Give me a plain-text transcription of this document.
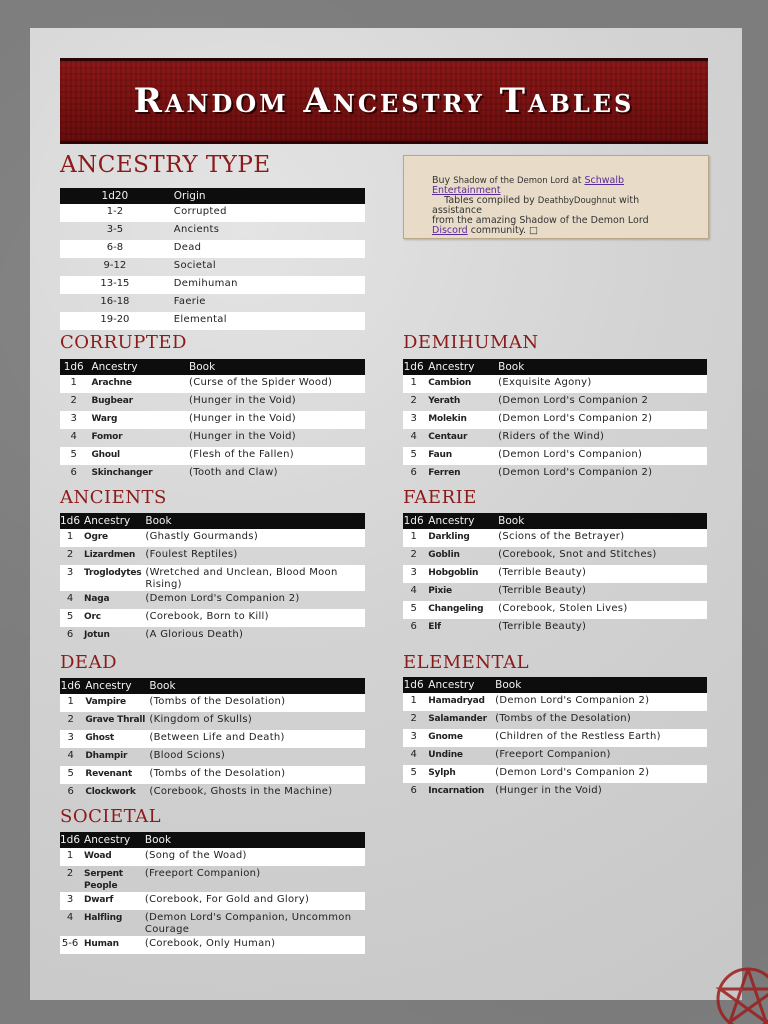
Random Ancestry Tables
ANCESTRY TYPE
1d20	Origin
1-2	Corrupted
3-5	Ancients
6-8	Dead
9-12	Societal
13-15	Demihuman
16-18	Faerie
19-20	Elemental
Buy Shadow of the Demon Lord at Schwalb Entertainment
Tables compiled by DeathbyDoughnut with assistance
from the amazing Shadow of the Demon Lord
Discord community. □
CORRUPTED
1d6	Ancestry	Book
1	Arachne	(Curse of the Spider Wood)
2	Bugbear	(Hunger in the Void)
3	Warg	(Hunger in the Void)
4	Fomor	(Hunger in the Void)
5	Ghoul	(Flesh of the Fallen)
6	Skinchanger	(Tooth and Claw)
DEMIHUMAN
1d6	Ancestry	Book
1	Cambion	(Exquisite Agony)
2	Yerath	(Demon Lord's Companion 2
3	Molekin	(Demon Lord's Companion 2)
4	Centaur	(Riders of the Wind)
5	Faun	(Demon Lord's Companion)
6	Ferren	(Demon Lord's Companion 2)
ANCIENTS
1d6	Ancestry	Book
1	Ogre	(Ghastly Gourmands)
2	Lizardmen	(Foulest Reptiles)
3	Troglodytes	(Wretched and Unclean, Blood Moon Rising)
4	Naga	(Demon Lord's Companion 2)
5	Orc	(Corebook, Born to Kill)
6	Jotun	(A Glorious Death)
FAERIE
1d6	Ancestry	Book
1	Darkling	(Scions of the Betrayer)
2	Goblin	(Corebook, Snot and Stitches)
3	Hobgoblin	(Terrible Beauty)
4	Pixie	(Terrible Beauty)
5	Changeling	(Corebook, Stolen Lives)
6	Elf	(Terrible Beauty)
DEAD
1d6	Ancestry	Book
1	Vampire	(Tombs of the Desolation)
2	Grave Thrall	(Kingdom of Skulls)
3	Ghost	(Between Life and Death)
4	Dhampir	(Blood Scions)
5	Revenant	(Tombs of the Desolation)
6	Clockwork	(Corebook, Ghosts in the Machine)
ELEMENTAL
1d6	Ancestry	Book
1	Hamadryad	(Demon Lord's Companion 2)
2	Salamander	(Tombs of the Desolation)
3	Gnome	(Children of the Restless Earth)
4	Undine	(Freeport Companion)
5	Sylph	(Demon Lord's Companion 2)
6	Incarnation	(Hunger in the Void)
SOCIETAL
1d6	Ancestry	Book
1	Woad	(Song of the Woad)
2	Serpent People	(Freeport Companion)
3	Dwarf	(Corebook, For Gold and Glory)
4	Halfling	(Demon Lord's Companion, Uncommon Courage
5-6	Human	(Corebook, Only Human)
